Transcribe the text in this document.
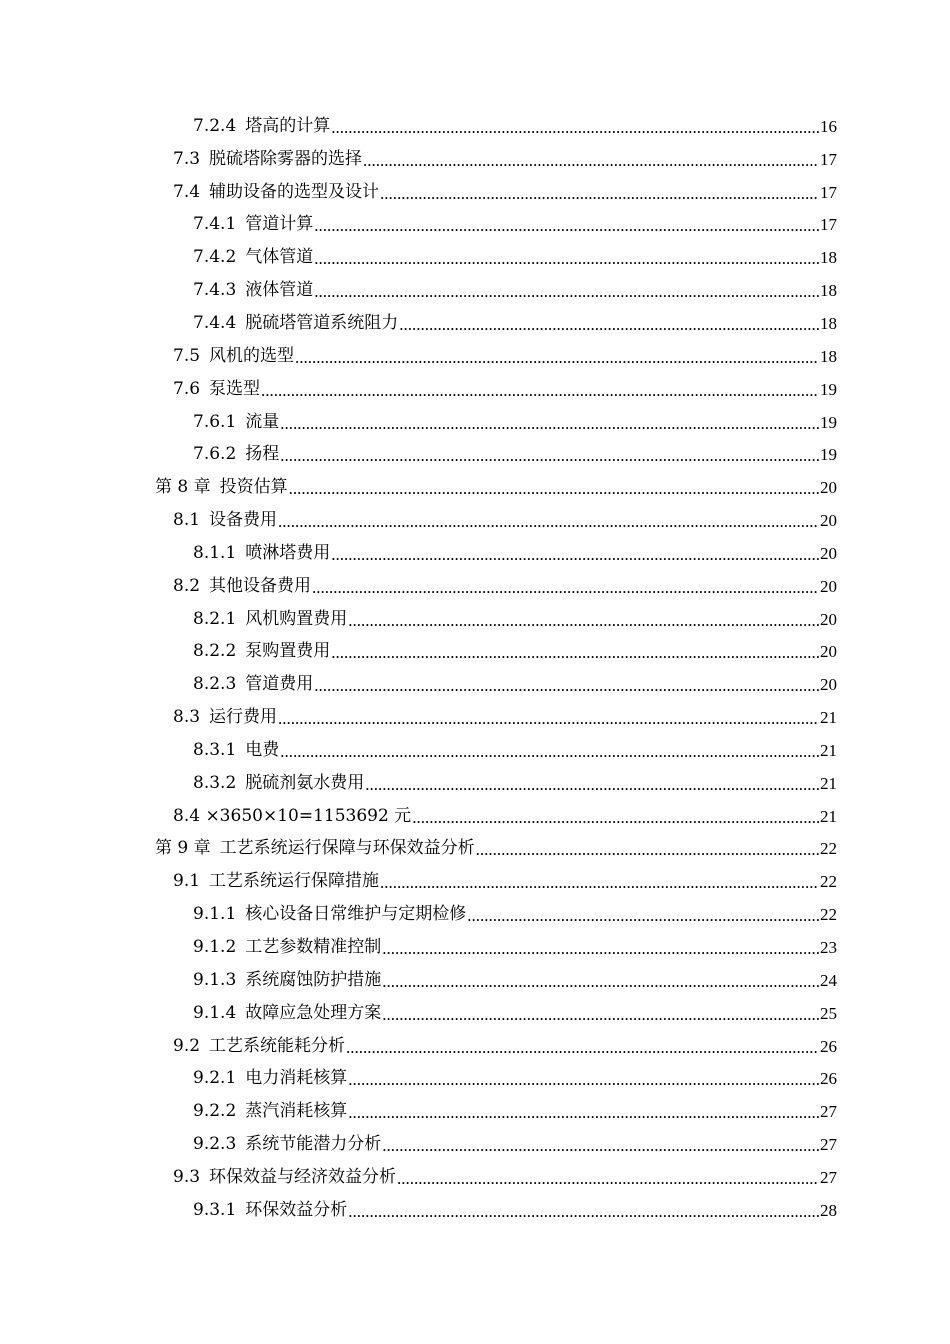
7.2.4 塔高的计算 .....	16
7.3 脱硫塔除雾器的选择 .....	17
7.4 辅助设备的选型及设计 .....	17
7.4.1 管道计算 .....	17
7.4.2 气体管道 .....	18
7.4.3 液体管道 .....	18
7.4.4 脱硫塔管道系统阻力 .....	18
7.5 风机的选型 .....	18
7.6 泵选型 .....	19
7.6.1 流量 .....	19
7.6.2 扬程 .....	19
第 8 章 投资估算 .....	20
8.1 设备费用 .....	20
8.1.1 喷淋塔费用 .....	20
8.2 其他设备费用 .....	20
8.2.1 风机购置费用 .....	20
8.2.2 泵购置费用 .....	20
8.2.3 管道费用 .....	20
8.3 运行费用 .....	21
8.3.1 电费 .....	21
8.3.2 脱硫剂氨水费用 .....	21
8.4 ×3650×10=1153692 元 .....	21
第 9 章 工艺系统运行保障与环保效益分析 .....	22
9.1 工艺系统运行保障措施 .....	22
9.1.1 核心设备日常维护与定期检修 .....	22
9.1.2 工艺参数精准控制 .....	23
9.1.3 系统腐蚀防护措施 .....	24
9.1.4 故障应急处理方案 .....	25
9.2 工艺系统能耗分析 .....	26
9.2.1 电力消耗核算 .....	26
9.2.2 蒸汽消耗核算 .....	27
9.2.3 系统节能潜力分析 .....	27
9.3 环保效益与经济效益分析 .....	27
9.3.1 环保效益分析 .....	28
